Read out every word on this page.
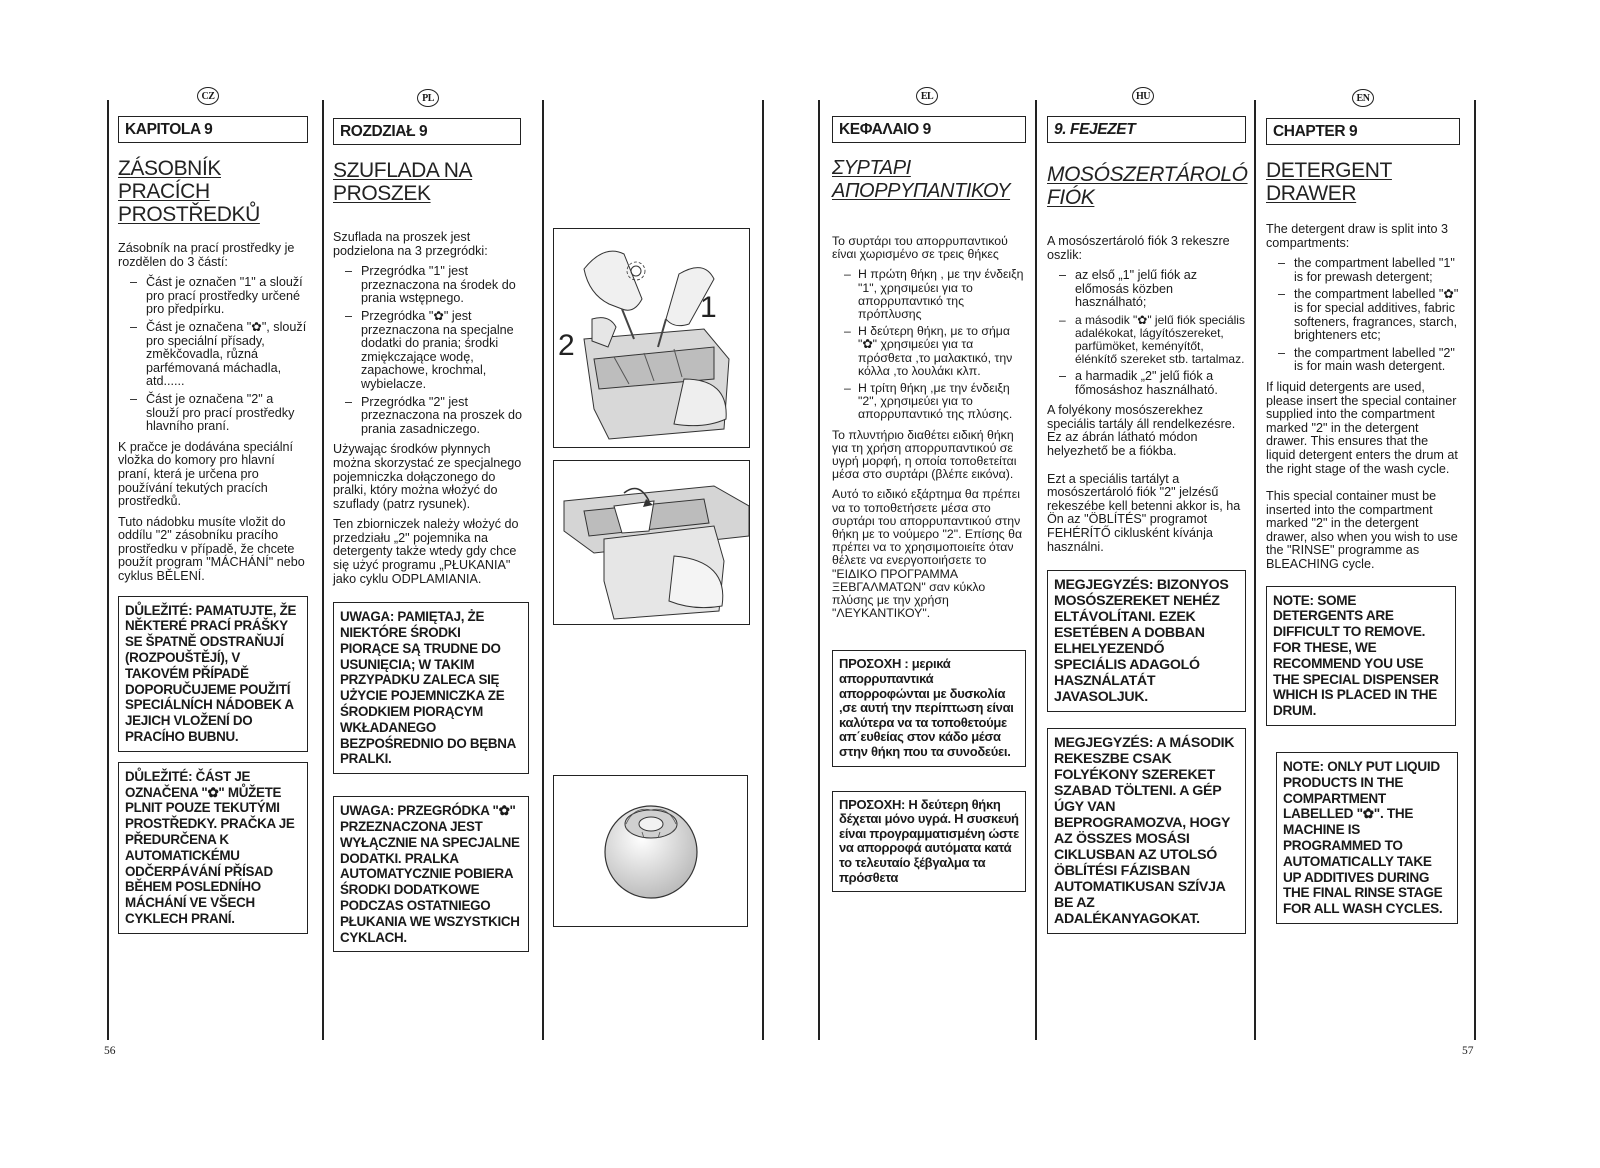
CZ	PL	EL	HU	EN
KAPITOLA 9
ZÁSOBNÍK PRACÍCH PROSTŘEDKŮ

Zásobník na prací prostředky je rozdělen do 3 částí:

– Část je označen "1" a slouží pro prací prostředky určené pro předpírku.
– Část je označena "✿", slouží pro speciální přísady, změkčovadla, různá parfémovaná máchadla, atd......
– Část je označena "2" a slouží pro prací prostředky hlavního praní.

K pračce je dodávána speciální vložka do komory pro hlavní praní, která je určena pro používání tekutých pracích prostředků.

Tuto nádobku musíte vložit do oddílu "2" zásobníku pracího prostředku v případě, že chcete použít program "MÁCHÁNÍ" nebo cyklus BĚLENÍ.

DŮLEŽITÉ: PAMATUJTE, ŽE NĚKTERÉ PRACÍ PRÁŠKY SE ŠPATNĚ ODSTRAŇUJÍ (ROZPOUŠTĚJÍ), V TAKOVÉM PŘÍPADĚ DOPORUČUJEME POUŽITÍ SPECIÁLNÍCH NÁDOBEK A JEJICH VLOŽENÍ DO PRACÍHO BUBNU.
DŮLEŽITÉ: ČÁST JE OZNAČENA "✿" MŮŽETE PLNIT POUZE TEKUTÝMI PROSTŘEDKY. PRAČKA JE PŘEDURČENA K AUTOMATICKÉMU ODČERPÁVÁNÍ PŘÍSAD BĚHEM POSLEDNÍHO MÁCHÁNÍ VE VŠECH CYKLECH PRANÍ.
ROZDZIAŁ 9
SZUFLADA NA PROSZEK

Szuflada na proszek jest podzielona na 3 przegródki:

– Przegródka "1" jest przeznaczona na środek do prania wstępnego.
– Przegródka "✿" jest przeznaczona na specjalne dodatki do prania; środki zmiękczające wodę, zapachowe, krochmal, wybielacze.
– Przegródka "2" jest przeznaczona na proszek do prania zasadniczego.

Używając środków płynnych można skorzystać ze specjalnego pojemniczka dołączonego do pralki, który można włożyć do szuflady (patrz rysunek).

Ten zbiorniczek należy włożyć do przedziału „2" pojemnika na detergenty także wtedy gdy chce się użyć programu „PŁUKANIA" jako cyklu ODPLAMIANIA.

UWAGA: PAMIĘTAJ, ŻE NIEKTÓRE ŚRODKI PIORĄCE SĄ TRUDNE DO USUNIĘCIA; W TAKIM PRZYPADKU ZALECA SIĘ UŻYCIE POJEMNICZKA ZE ŚRODKIEM PIORĄCYM WKŁADANEGO BEZPOŚREDNIO DO BĘBNA PRALKI.
UWAGA: PRZEGRÓDKA "✿" PRZEZNACZONA JEST WYŁĄCZNIE NA SPECJALNE DODATKI. PRALKA AUTOMATYCZNIE POBIERA ŚRODKI DODATKOWE PODCZAS OSTATNIEGO PŁUKANIA WE WSZYSTKICH CYKLACH.
1
2
ΚΕΦΑΛΑΙΟ 9
ΣΥΡΤΑΡΙ ΑΠΟΡΡΥΠΑΝΤΙΚΟΥ

Το συρτάρι του απορρυπαντικού είναι χωρισμένο σε τρεις θήκες

– Η πρώτη θήκη , με την ένδειξη "1", χρησιμεύει για το απορρυπαντικό της πρόπλυσης
– Η δεύτερη θήκη, με το σήμα "✿" χρησιμεύει για τα πρόσθετα ,το μαλακτικό, την κόλλα ,το λουλάκι κλπ.
– Η τρίτη θήκη ,με την ένδειξη "2", χρησιμεύει για το απορρυπαντικό της πλύσης.

Το πλυντήριο διαθέτει ειδική θήκη για τη χρήση απορρυπαντικού σε υγρή μορφή, η οποία τοποθετείται μέσα στο συρτάρι (βλέπε εικόνα).

Αυτό το ειδικό εξάρτημα θα πρέπει να το τοποθετήσετε μέσα στο συρτάρι του απορρυπαντικού στην θήκη με το νούμερο "2". Επίσης θα πρέπει να το χρησιμοποιείτε όταν θέλετε να ενεργοποιήσετε το "ΕΙΔΙΚΟ ΠΡΟΓΡΑΜΜΑ ΞΕΒΓΑΛΜΑΤΩΝ" σαν κύκλο πλύσης με την χρήση "ΛΕΥΚΑΝΤΙΚΟΥ".

ΠΡΟΣΟΧΗ : μερικά απορρυπαντικά απορροφώνται με δυσκολία ,σε αυτή την περίπτωση είναι καλύτερα να τα τοποθετούμε απ΄ευθείας στον κάδο μέσα στην θήκη που τα συνοδεύει.
ΠΡΟΣΟΧΗ: Η δεύτερη θήκη δέχεται μόνο υγρά. Η συσκευή είναι προγραμματισμένη ώστε να απορροφά αυτόματα κατά το τελευταίο ξέβγαλμα τα πρόσθετα
9. FEJEZET
MOSÓSZERTÁROLÓ FIÓK

A mosószertároló fiók 3 rekeszre oszlik:

– az első „1" jelű fiók az előmosás közben használható;
– a második "✿" jelű fiók speciális adalékokat, lágyítószereket, parfümöket, keményítőt, élénkítő szereket stb. tartalmaz.
– a harmadik „2" jelű fiók a főmosáshoz használható.

A folyékony mosószerekhez speciális tartály áll rendelkezésre. Ez az ábrán látható módon helyezhető be a fiókba.

Ezt a speciális tartályt a mosószertároló fiók "2" jelzésű rekeszébe kell betenni akkor is, ha Ön az "ÖBLÍTÉS" programot FEHÉRÍTŐ ciklusként kívánja használni.

MEGJEGYZÉS: BIZONYOS MOSÓSZEREKET NEHÉZ ELTÁVOLÍTANI. EZEK ESETÉBEN A DOBBAN ELHELYEZENDŐ SPECIÁLIS ADAGOLÓ HASZNÁLATÁT JAVASOLJUK.
MEGJEGYZÉS: A MÁSODIK REKESZBE CSAK FOLYÉKONY SZEREKET SZABAD TÖLTENI. A GÉP ÚGY VAN BEPROGRAMOZVA, HOGY AZ ÖSSZES MOSÁSI CIKLUSBAN AZ UTOLSÓ ÖBLÍTÉSI FÁZISBAN AUTOMATIKUSAN SZÍVJA BE AZ ADALÉKANYAGOKAT.
CHAPTER 9
DETERGENT DRAWER

The detergent draw is split into 3 compartments:

– the compartment labelled "1" is for prewash detergent;
– the compartment labelled "✿" is for special additives, fabric softeners, fragrances, starch, brighteners etc;
– the compartment labelled "2" is for main wash detergent.

If liquid detergents are used, please insert the special container supplied into the compartment marked "2" in the detergent drawer. This ensures that the liquid detergent enters the drum at the right stage of the wash cycle.

This special container must be inserted into the compartment marked "2" in the detergent drawer, also when you wish to use the "RINSE" programme as BLEACHING cycle.

NOTE: SOME DETERGENTS ARE DIFFICULT TO REMOVE. FOR THESE, WE RECOMMEND YOU USE THE SPECIAL DISPENSER WHICH IS PLACED IN THE DRUM.
NOTE: ONLY PUT LIQUID PRODUCTS IN THE COMPARTMENT LABELLED "✿". THE MACHINE IS PROGRAMMED TO AUTOMATICALLY TAKE UP ADDITIVES DURING THE FINAL RINSE STAGE FOR ALL WASH CYCLES.
56	57
